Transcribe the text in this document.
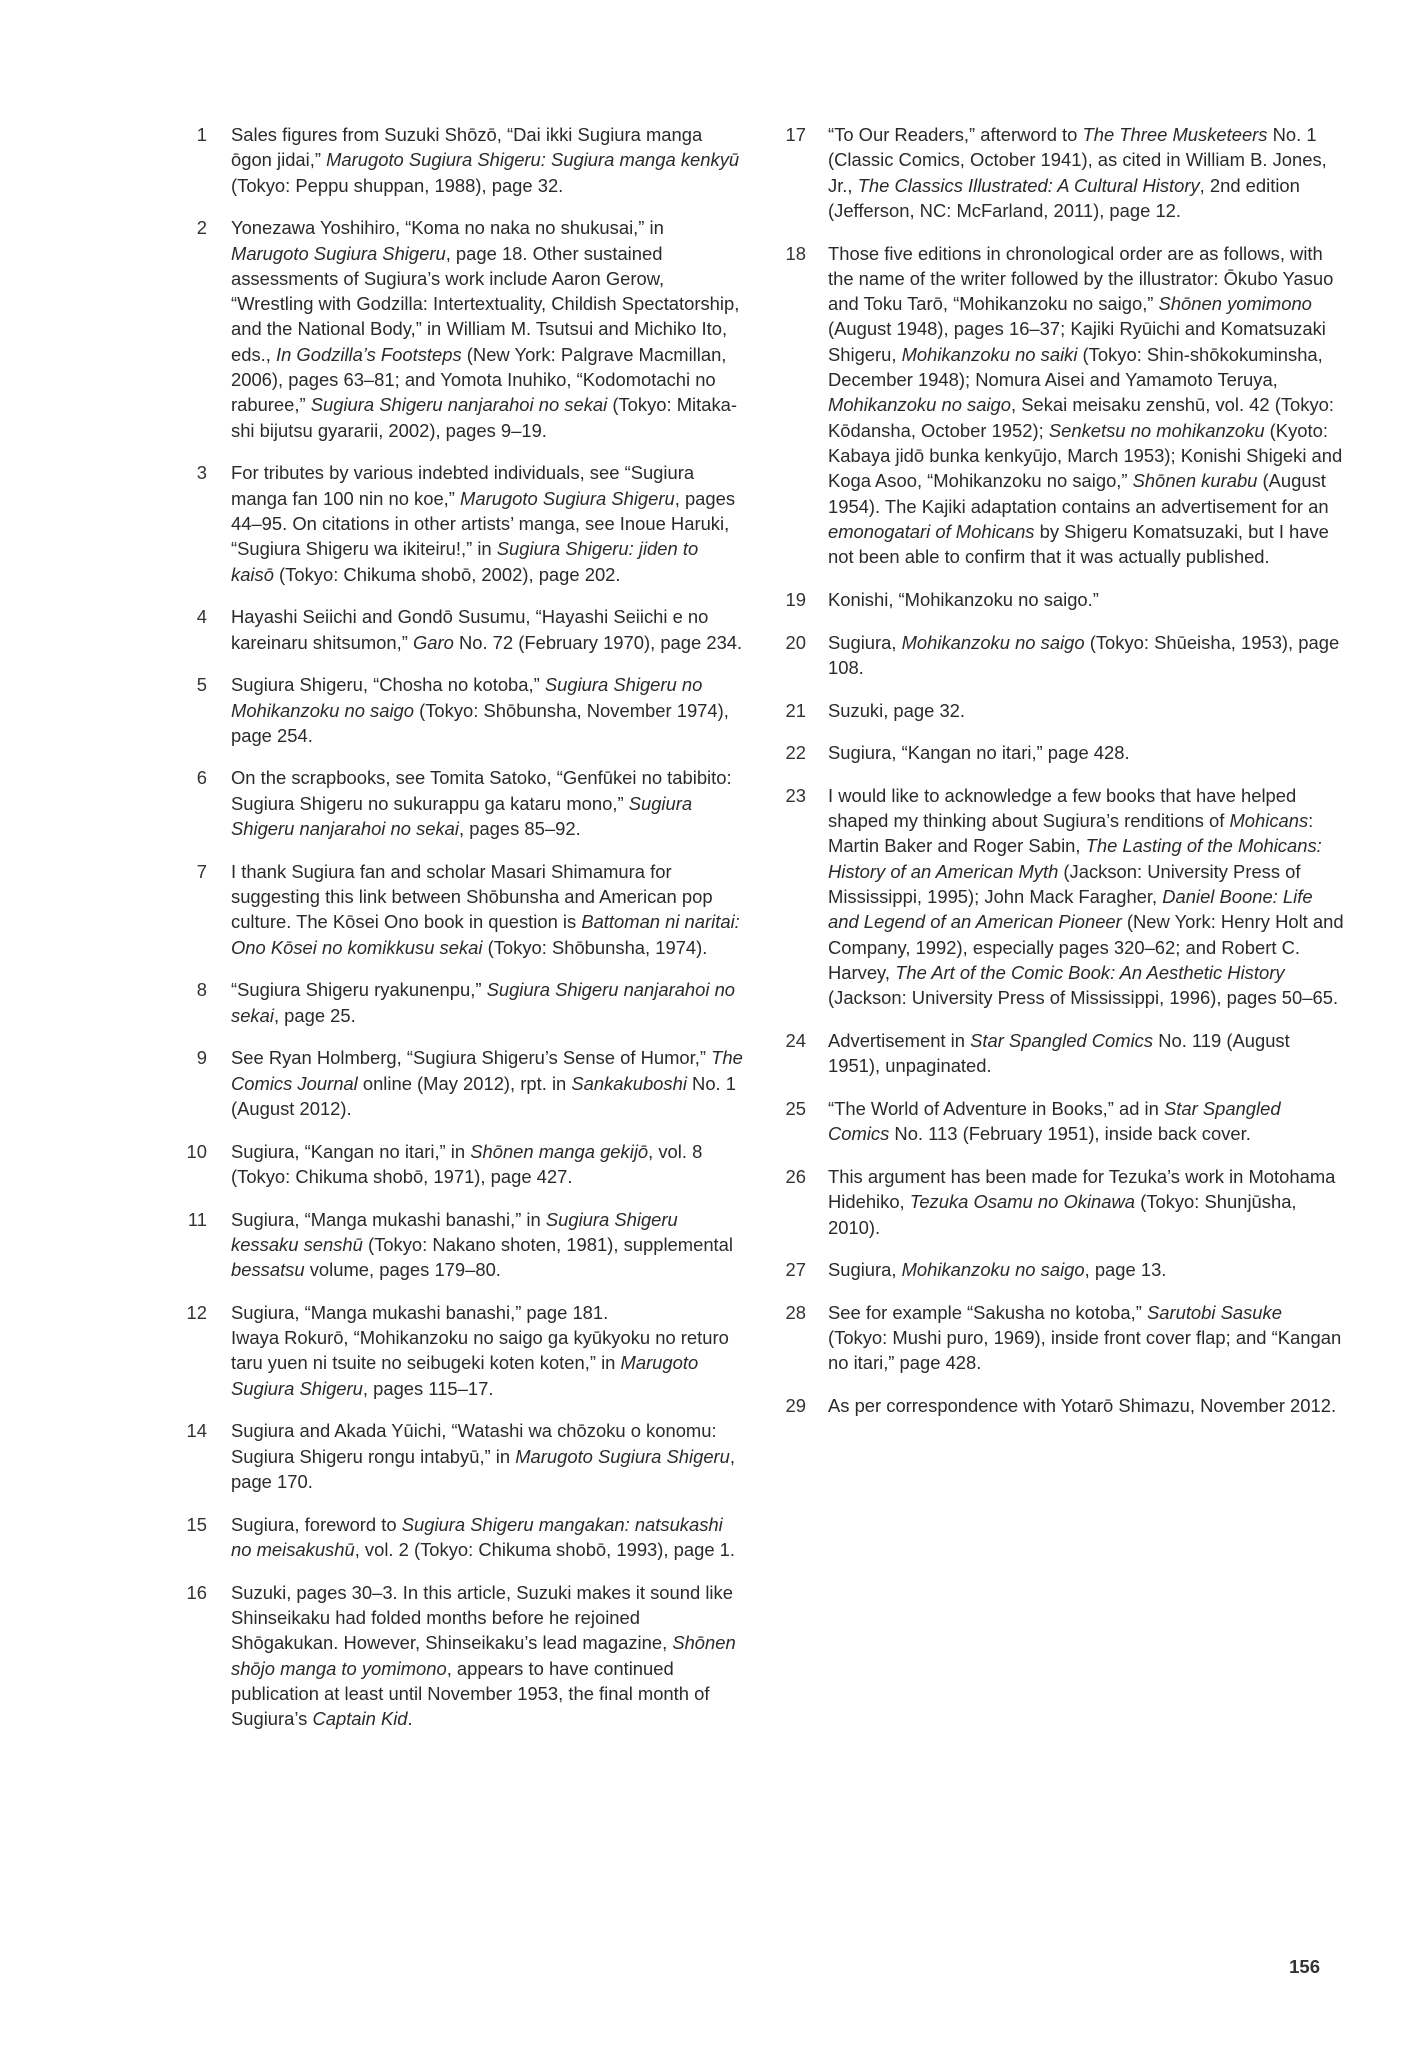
1 Sales figures from Suzuki Shōzō, “Dai ikki Sugiura manga ōgon jidai,” Marugoto Sugiura Shigeru: Sugiura manga kenkyū (Tokyo: Peppu shuppan, 1988), page 32.
2 Yonezawa Yoshihiro, “Koma no naka no shukusai,” in Marugoto Sugiura Shigeru, page 18. Other sustained assessments of Sugiura’s work include Aaron Gerow, “Wrestling with Godzilla: Intertextuality, Childish Spectatorship, and the National Body,” in William M. Tsutsui and Michiko Ito, eds., In Godzilla’s Footsteps (New York: Palgrave Macmillan, 2006), pages 63–81; and Yomota Inuhiko, “Kodomotachi no raburee,” Sugiura Shigeru nanjarahoi no sekai (Tokyo: Mitaka-shi bijutsu gyararii, 2002), pages 9–19.
3 For tributes by various indebted individuals, see “Sugiura manga fan 100 nin no koe,” Marugoto Sugiura Shigeru, pages 44–95. On citations in other artists’ manga, see Inoue Haruki, “Sugiura Shigeru wa ikiteiru!,” in Sugiura Shigeru: jiden to kaisō (Tokyo: Chikuma shobō, 2002), page 202.
4 Hayashi Seiichi and Gondō Susumu, “Hayashi Seiichi e no kareinaru shitsumon,” Garo No. 72 (February 1970), page 234.
5 Sugiura Shigeru, “Chosha no kotoba,” Sugiura Shigeru no Mohikanzoku no saigo (Tokyo: Shōbunsha, November 1974), page 254.
6 On the scrapbooks, see Tomita Satoko, “Genfūkei no tabibito: Sugiura Shigeru no sukurappu ga kataru mono,” Sugiura Shigeru nanjarahoi no sekai, pages 85–92.
7 I thank Sugiura fan and scholar Masari Shimamura for suggesting this link between Shōbunsha and American pop culture. The Kōsei Ono book in question is Battoman ni naritai: Ono Kōsei no komikkusu sekai (Tokyo: Shōbunsha, 1974).
8 “Sugiura Shigeru ryakunenpu,” Sugiura Shigeru nanjarahoi no sekai, page 25.
9 See Ryan Holmberg, “Sugiura Shigeru’s Sense of Humor,” The Comics Journal online (May 2012), rpt. in Sankakuboshi No. 1 (August 2012).
10 Sugiura, “Kangan no itari,” in Shōnen manga gekijō, vol. 8 (Tokyo: Chikuma shobō, 1971), page 427.
11 Sugiura, “Manga mukashi banashi,” in Sugiura Shigeru kessaku senshū (Tokyo: Nakano shoten, 1981), supplemental bessatsu volume, pages 179–80.
12 Sugiura, “Manga mukashi banashi,” page 181.
Iwaya Rokurō, “Mohikanzoku no saigo ga kyūkyoku no returo taru yuen ni tsuite no seibugeki koten koten,” in Marugoto Sugiura Shigeru, pages 115–17.
14 Sugiura and Akada Yūichi, “Watashi wa chōzoku o konomu: Sugiura Shigeru rongu intabyū,” in Marugoto Sugiura Shigeru, page 170.
15 Sugiura, foreword to Sugiura Shigeru mangakan: natsukashi no meisakushū, vol. 2 (Tokyo: Chikuma shobō, 1993), page 1.
16 Suzuki, pages 30–3. In this article, Suzuki makes it sound like Shinseikaku had folded months before he rejoined Shōgakukan. However, Shinseikaku’s lead magazine, Shōnen shōjo manga to yomimono, appears to have continued publication at least until November 1953, the final month of Sugiura’s Captain Kid.
17 “To Our Readers,” afterword to The Three Musketeers No. 1 (Classic Comics, October 1941), as cited in William B. Jones, Jr., The Classics Illustrated: A Cultural History, 2nd edition (Jefferson, NC: McFarland, 2011), page 12.
18 Those five editions in chronological order are as follows, with the name of the writer followed by the illustrator: Ōkubo Yasuo and Toku Tarō, “Mohikanzoku no saigo,” Shōnen yomimono (August 1948), pages 16–37; Kajiki Ryūichi and Komatsuzaki Shigeru, Mohikanzoku no saiki (Tokyo: Shin-shōkokuminsha, December 1948); Nomura Aisei and Yamamoto Teruya, Mohikanzoku no saigo, Sekai meisaku zenshū, vol. 42 (Tokyo: Kōdansha, October 1952); Senketsu no mohikanzoku (Kyoto: Kabaya jidō bunka kenkyūjo, March 1953); Konishi Shigeki and Koga Asoo, “Mohikanzoku no saigo,” Shōnen kurabu (August 1954). The Kajiki adaptation contains an advertisement for an emonogatari of Mohicans by Shigeru Komatsuzaki, but I have not been able to confirm that it was actually published.
19 Konishi, “Mohikanzoku no saigo.”
20 Sugiura, Mohikanzoku no saigo (Tokyo: Shūeisha, 1953), page 108.
21 Suzuki, page 32.
22 Sugiura, “Kangan no itari,” page 428.
23 I would like to acknowledge a few books that have helped shaped my thinking about Sugiura’s renditions of Mohicans: Martin Baker and Roger Sabin, The Lasting of the Mohicans: History of an American Myth (Jackson: University Press of Mississippi, 1995); John Mack Faragher, Daniel Boone: Life and Legend of an American Pioneer (New York: Henry Holt and Company, 1992), especially pages 320–62; and Robert C. Harvey, The Art of the Comic Book: An Aesthetic History (Jackson: University Press of Mississippi, 1996), pages 50–65.
24 Advertisement in Star Spangled Comics No. 119 (August 1951), unpaginated.
25 “The World of Adventure in Books,” ad in Star Spangled Comics No. 113 (February 1951), inside back cover.
26 This argument has been made for Tezuka’s work in Motohama Hidehiko, Tezuka Osamu no Okinawa (Tokyo: Shunjūsha, 2010).
27 Sugiura, Mohikanzoku no saigo, page 13.
28 See for example “Sakusha no kotoba,” Sarutobi Sasuke (Tokyo: Mushi puro, 1969), inside front cover flap; and “Kangan no itari,” page 428.
29 As per correspondence with Yotarō Shimazu, November 2012.
156
